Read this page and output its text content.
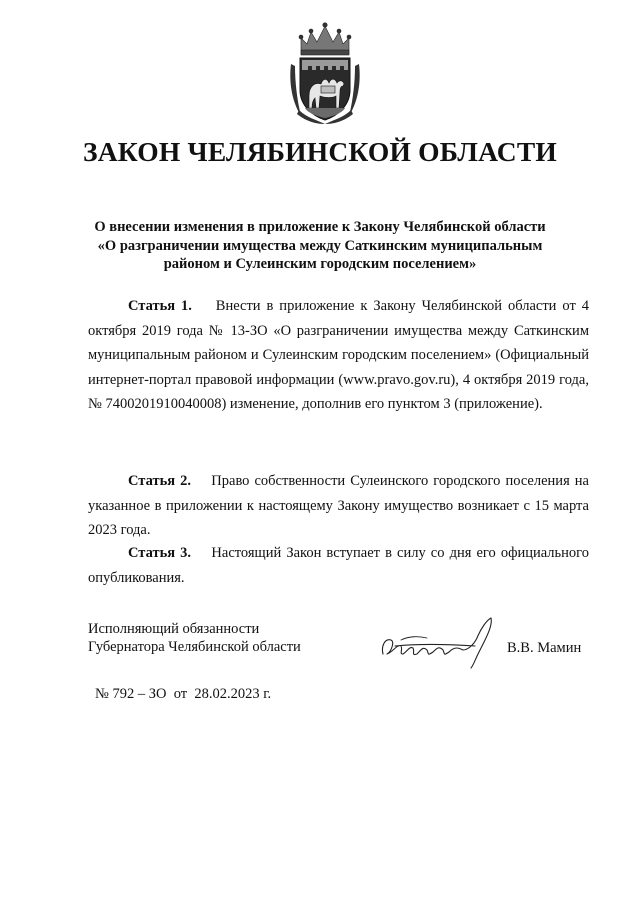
ЗАКОН ЧЕЛЯБИНСКОЙ ОБЛАСТИ
О внесении изменения в приложение к Закону Челябинской области
«О разграничении имущества между Саткинским муниципальным
районом и Сулеинским городским поселением»
Статья 1. Внести в приложение к Закону Челябинской области от 4 октября 2019 года № 13-ЗО «О разграничении имущества между Саткинским муниципальным районом и Сулеинским городским поселением» (Официальный интернет-портал правовой информации (www.pravo.gov.ru), 4 октября 2019 года, № 7400201910040008) изменение, дополнив его пунктом 3 (приложение).
Статья 2. Право собственности Сулеинского городского поселения на указанное в приложении к настоящему Закону имущество возникает с 15 марта 2023 года.
Статья 3. Настоящий Закон вступает в силу со дня его официального опубликования.
Исполняющий обязанности
Губернатора Челябинской области	В.В. Мамин
№ 792 – ЗО от 28.02.2023 г.
